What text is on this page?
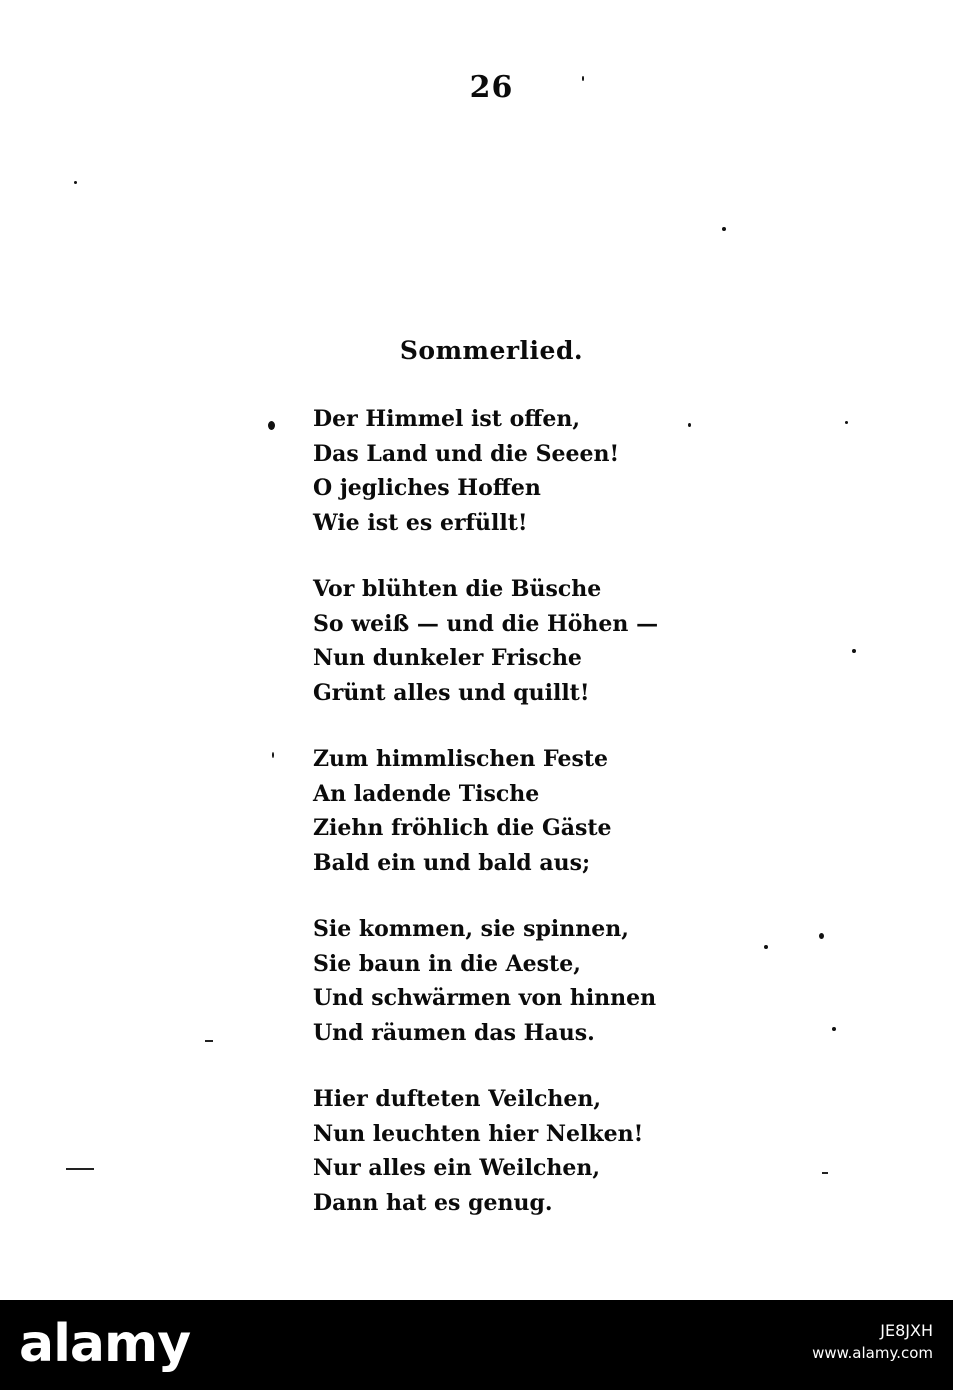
26
Sommerlied.
Der Himmel ist offen,
Das Land und die Seeen!
O jegliches Hoffen
Wie ist es erfüllt!
Vor blühten die Büsche
So weiß — und die Höhen —
Nun dunkeler Frische
Grünt alles und quillt!
Zum himmlischen Feste
An ladende Tische
Ziehn fröhlich die Gäste
Bald ein und bald aus;
Sie kommen, sie spinnen,
Sie baun in die Aeste,
Und schwärmen von hinnen
Und räumen das Haus.
Hier dufteten Veilchen,
Nun leuchten hier Nelken!
Nur alles ein Weilchen,
Dann hat es genug.
alamy	JE8JXH
www.alamy.com
